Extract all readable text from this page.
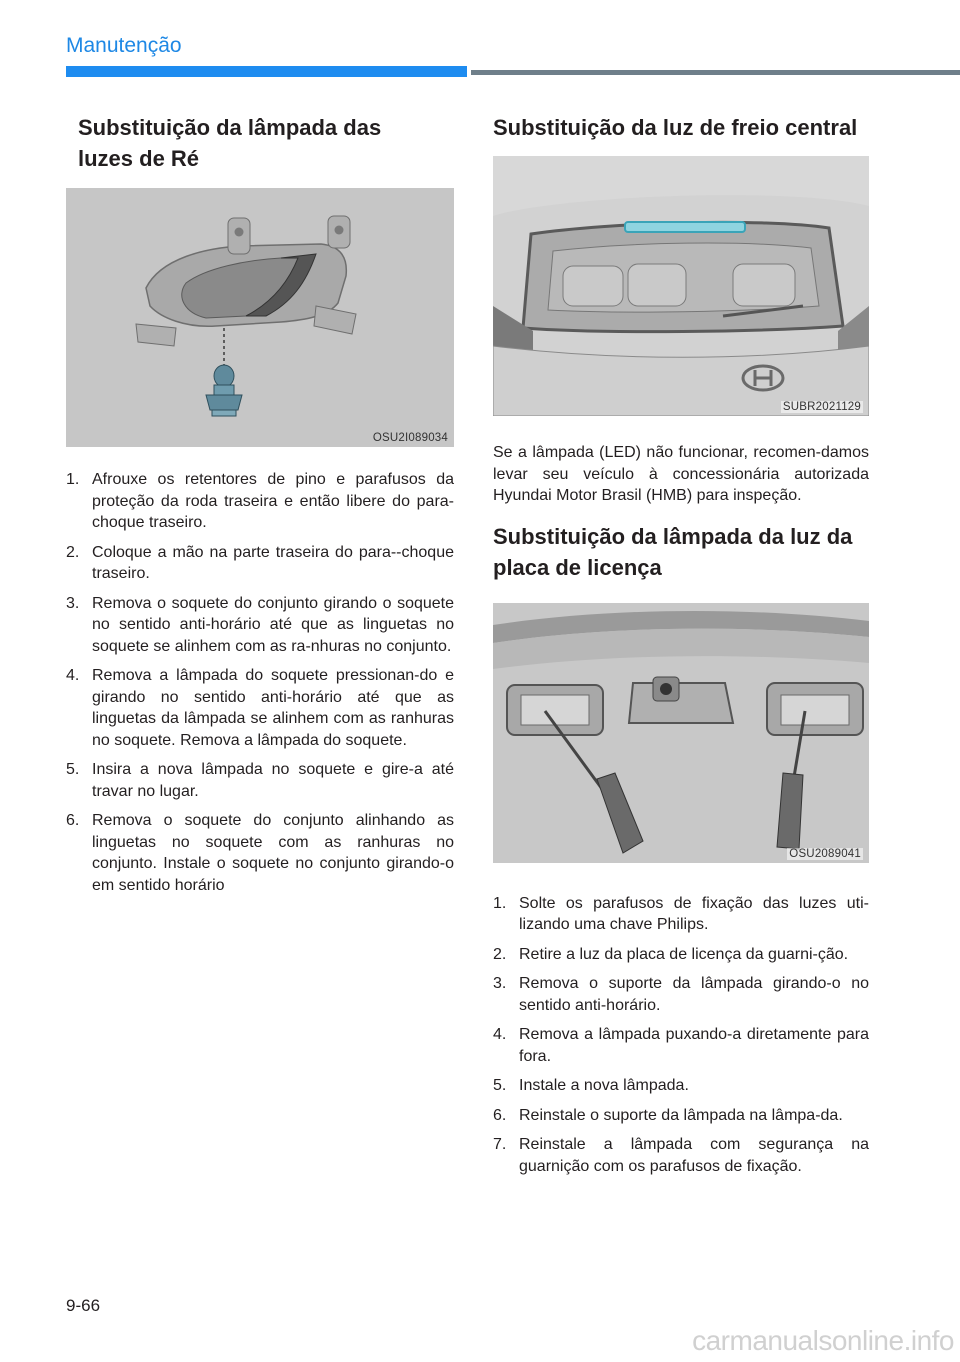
Manutenção
Substituição da lâmpada das luzes de Ré
OSU2I089034
1. Afrouxe os retentores de pino e parafusos da proteção da roda traseira e então libere do para-choque traseiro.
2. Coloque a mão na parte traseira do para--choque traseiro.
3. Remova o soquete do conjunto girando o soquete no sentido anti-horário até que as linguetas no soquete se alinhem com as ra-nhuras no conjunto.
4. Remova a lâmpada do soquete pressionan-do e girando no sentido anti-horário até que as linguetas da lâmpada se alinhem com as ranhuras no soquete. Remova a lâmpada do soquete.
5. Insira a nova lâmpada no soquete e gire-a até travar no lugar.
6. Remova o soquete do conjunto alinhando as linguetas no soquete com as ranhuras no conjunto. Instale o soquete no conjunto girando-o em sentido horário
Substituição da luz de freio central
SUBR2021129

Se a lâmpada (LED) não funcionar, recomen-damos levar seu veículo à concessionária autorizada Hyundai Motor Brasil (HMB) para inspeção.

Substituição da lâmpada da luz da placa de licença
OSU2089041
1. Solte os parafusos de fixação das luzes uti-lizando uma chave Philips.
2. Retire a luz da placa de licença da guarni-ção.
3. Remova o suporte da lâmpada girando-o no sentido anti-horário.
4. Remova a lâmpada puxando-a diretamente para fora.
5. Instale a nova lâmpada.
6. Reinstale o suporte da lâmpada na lâmpa-da.
7. Reinstale a lâmpada com segurança na guarnição com os parafusos de fixação.
9-66
carmanualsonline.info
